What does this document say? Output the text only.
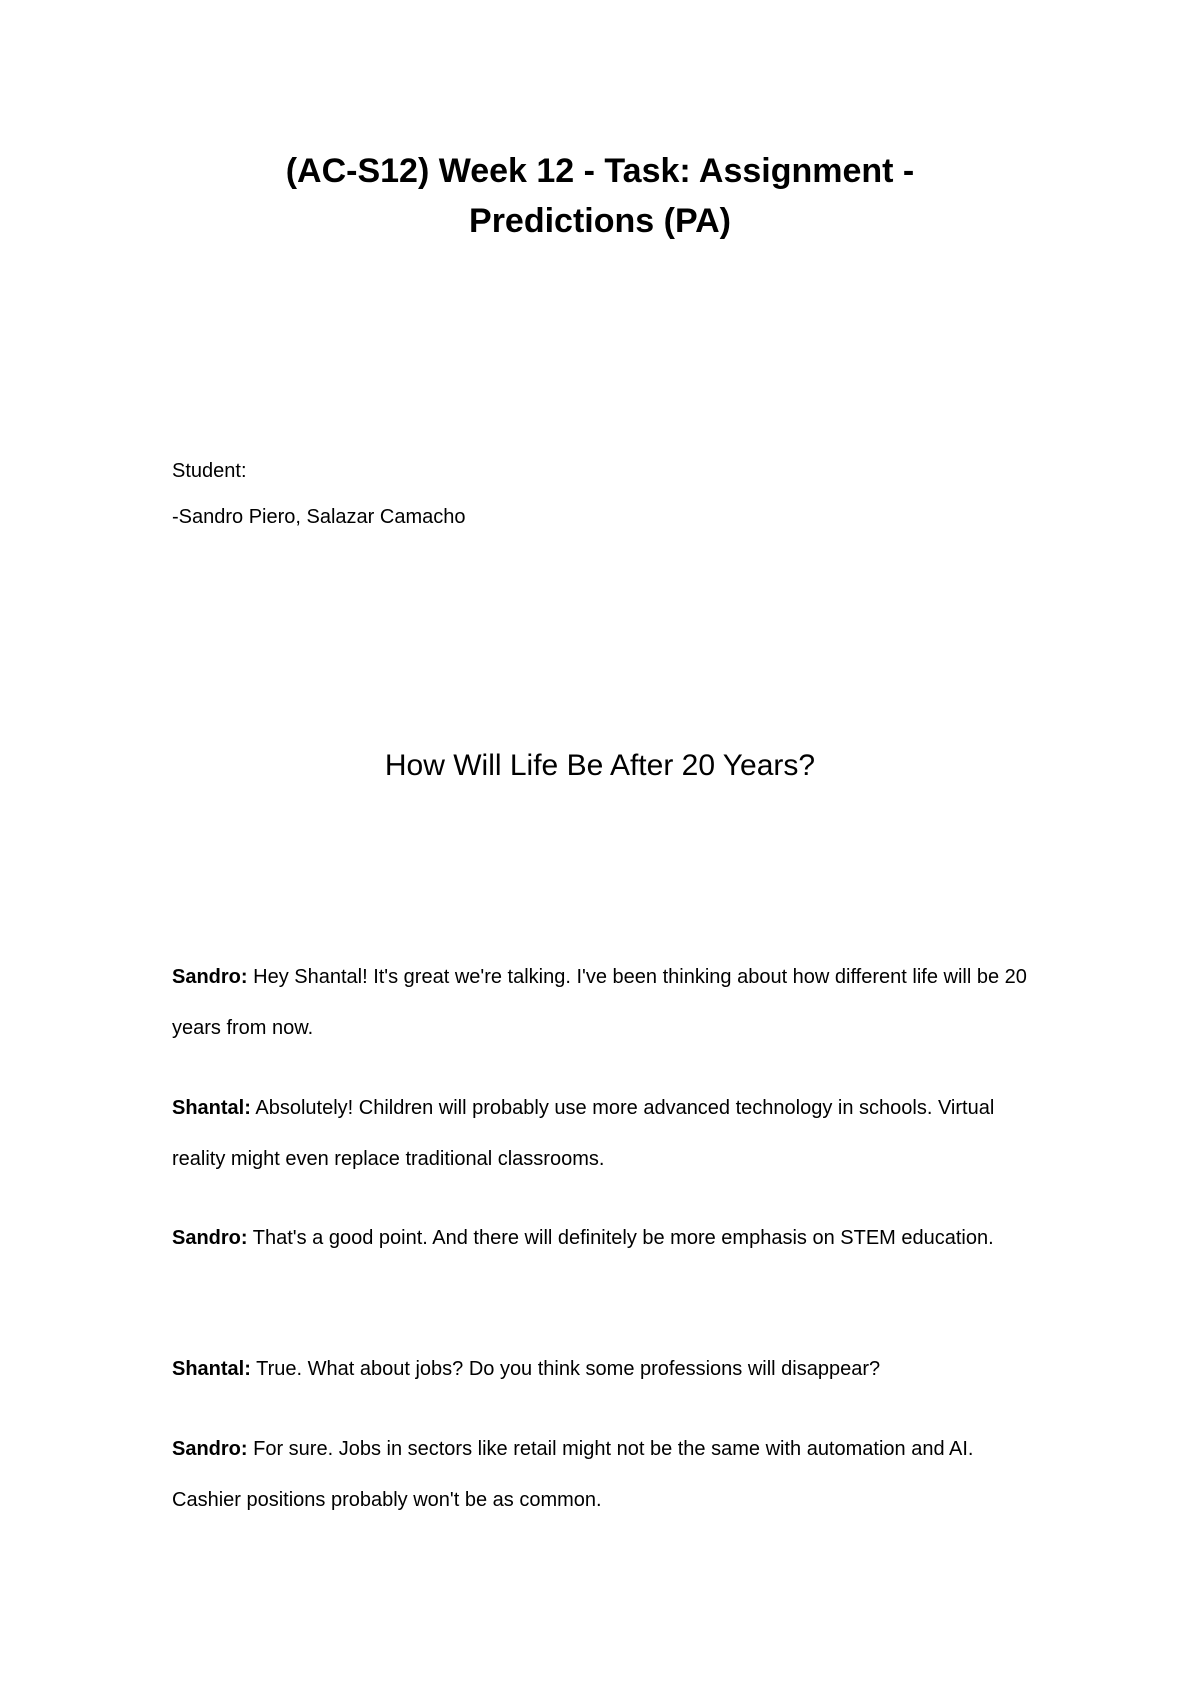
(AC-S12) Week 12 - Task: Assignment -
Predictions (PA)

Student:

-Sandro Piero, Salazar Camacho

How Will Life Be After 20 Years?

Sandro: Hey Shantal! It's great we're talking. I've been thinking about how different life will be 20 years from now.

Shantal: Absolutely! Children will probably use more advanced technology in schools. Virtual reality might even replace traditional classrooms.

Sandro: That's a good point. And there will definitely be more emphasis on STEM education.

Shantal: True. What about jobs? Do you think some professions will disappear?

Sandro: For sure. Jobs in sectors like retail might not be the same with automation and AI. Cashier positions probably won't be as common.
